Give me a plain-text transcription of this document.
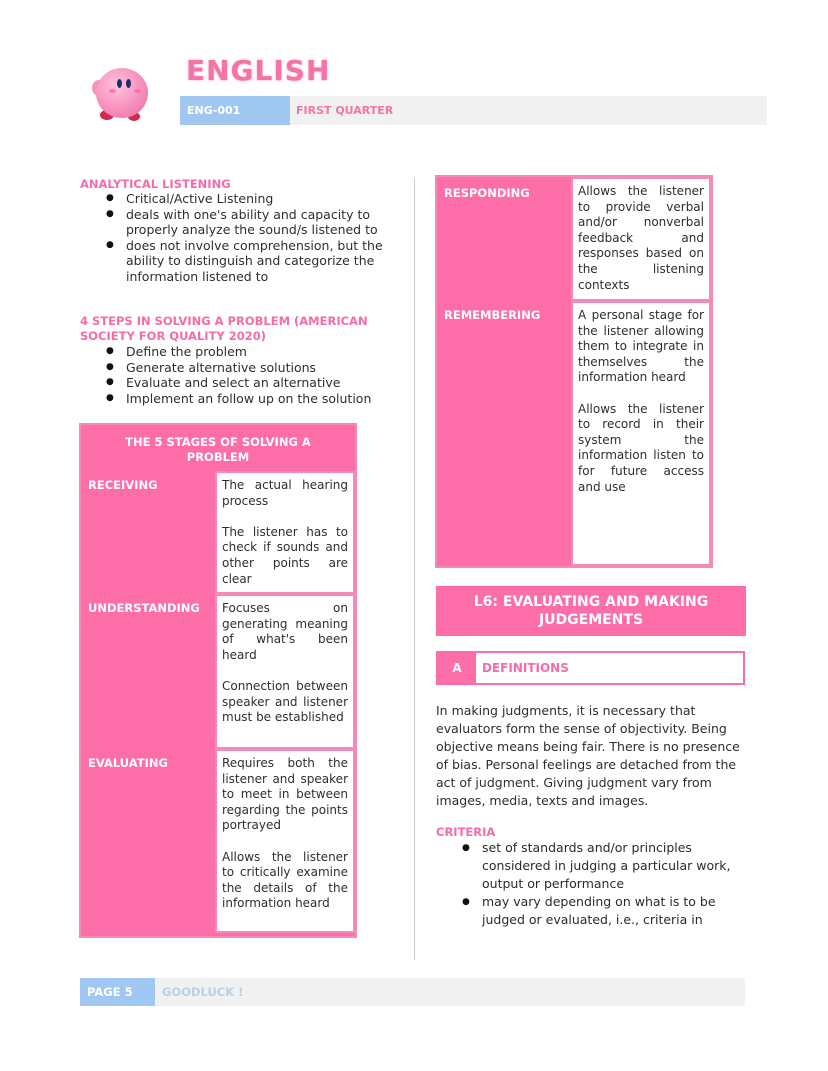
ENGLISH
ENG-001	FIRST QUARTER
ANALYTICAL LISTENING
● Critical/Active Listening
● deals with one's ability and capacity to properly analyze the sound/s listened to
● does not involve comprehension, but the ability to distinguish and categorize the information listened to
4 STEPS IN SOLVING A PROBLEM (AMERICAN SOCIETY FOR QUALITY 2020)
● Define the problem
● Generate alternative solutions
● Evaluate and select an alternative
● Implement an follow up on the solution
THE 5 STAGES OF SOLVING A PROBLEM
RECEIVING	The actual hearing process

The listener has to check if sounds and other points are clear

UNDERSTANDING	Focuses on generating meaning of what's been heard

Connection between speaker and listener must be established

EVALUATING	Requires both the listener and speaker to meet in between regarding the points portrayed

Allows the listener to critically examine the details of the information heard

RESPONDING	Allows the listener to provide verbal and/or nonverbal feedback and responses based on the listening contexts

REMEMBERING	A personal stage for the listener allowing them to integrate in themselves the information heard

Allows the listener to record in their system the information listen to for future access and use

L6: EVALUATING AND MAKING JUDGEMENTS
A	DEFINITIONS
In making judgments, it is necessary that evaluators form the sense of objectivity. Being objective means being fair. There is no presence of bias. Personal feelings are detached from the act of judgment. Giving judgment vary from images, media, texts and images.
CRITERIA
● set of standards and/or principles considered in judging a particular work, output or performance
● may vary depending on what is to be judged or evaluated, i.e., criteria in
PAGE 5	GOODLUCK !
